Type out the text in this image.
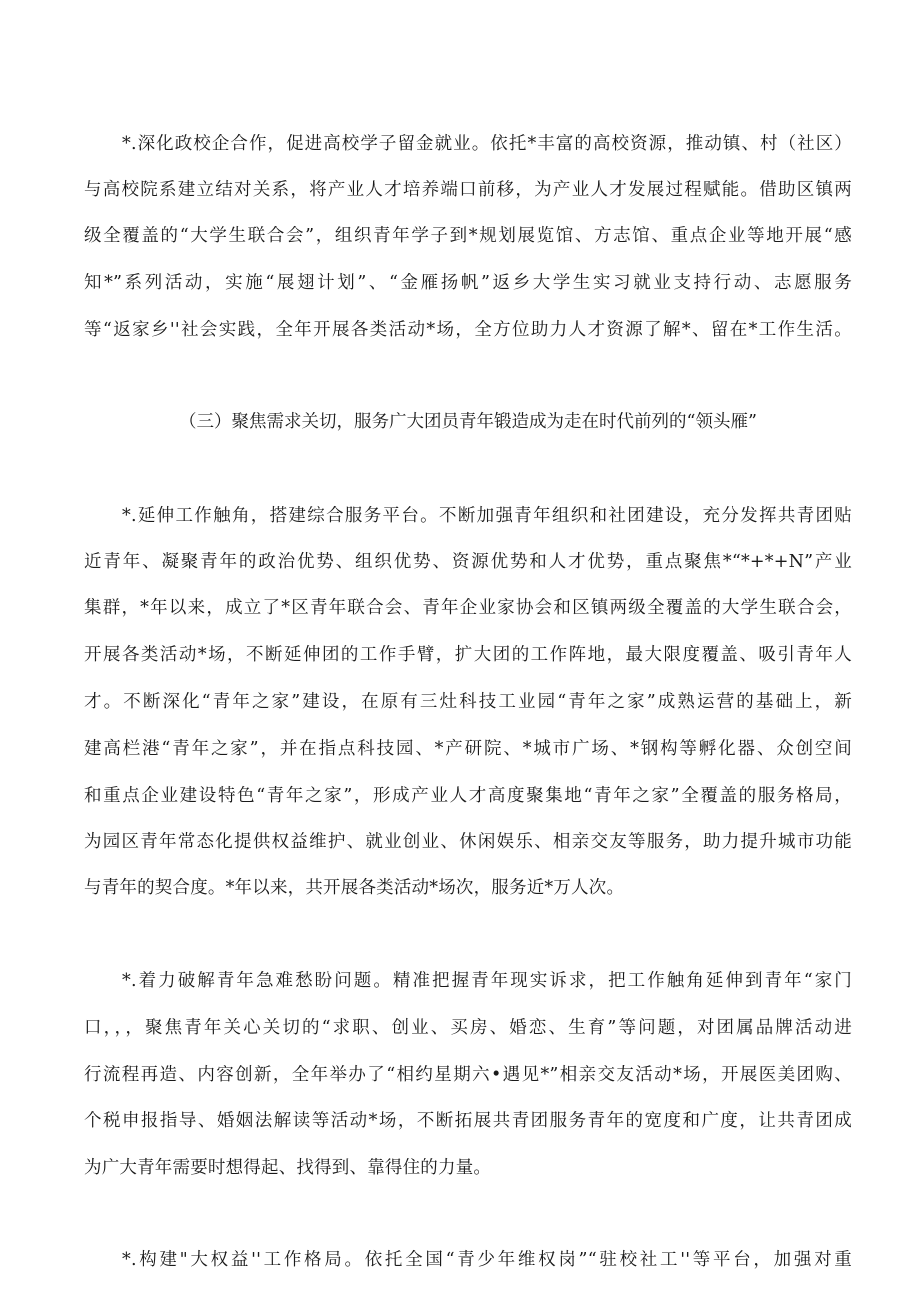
*.深化政校企合作，促进高校学子留金就业。依托*丰富的高校资源，推动镇、村（社区）
与高校院系建立结对关系，将产业人才培养端口前移，为产业人才发展过程赋能。借助区镇两
级全覆盖的“大学生联合会”，组织青年学子到*规划展览馆、方志馆、重点企业等地开展“感
知*”系列活动，实施“展翅计划”、“金雁扬帆”返乡大学生实习就业支持行动、志愿服务
等“返家乡''社会实践，全年开展各类活动*场，全方位助力人才资源了解*、留在*工作生活。
（三）聚焦需求关切，服务广大团员青年锻造成为走在时代前列的“领头雁”
*.延伸工作触角，搭建综合服务平台。不断加强青年组织和社团建设，充分发挥共青团贴
近青年、凝聚青年的政治优势、组织优势、资源优势和人才优势，重点聚焦*“*+*+N”产业
集群，*年以来，成立了*区青年联合会、青年企业家协会和区镇两级全覆盖的大学生联合会，
开展各类活动*场，不断延伸团的工作手臂，扩大团的工作阵地，最大限度覆盖、吸引青年人
才。不断深化“青年之家”建设，在原有三灶科技工业园“青年之家”成熟运营的基础上，新
建高栏港“青年之家”，并在指点科技园、*产研院、*城市广场、*钢构等孵化器、众创空间
和重点企业建设特色“青年之家”，形成产业人才高度聚集地“青年之家”全覆盖的服务格局，
为园区青年常态化提供权益维护、就业创业、休闲娱乐、相亲交友等服务，助力提升城市功能
与青年的契合度。*年以来，共开展各类活动*场次，服务近*万人次。
*.着力破解青年急难愁盼问题。精准把握青年现实诉求，把工作触角延伸到青年“家门
口，，，聚焦青年关心关切的“求职、创业、买房、婚恋、生育”等问题，对团属品牌活动进
行流程再造、内容创新，全年举办了“相约星期六•遇见*”相亲交友活动*场，开展医美团购、
个税申报指导、婚姻法解读等活动*场，不断拓展共青团服务青年的宽度和广度，让共青团成
为广大青年需要时想得起、找得到、靠得住的力量。
*.构建"大权益''工作格局。依托全国“青少年维权岗”“驻校社工''等平台，加强对重
